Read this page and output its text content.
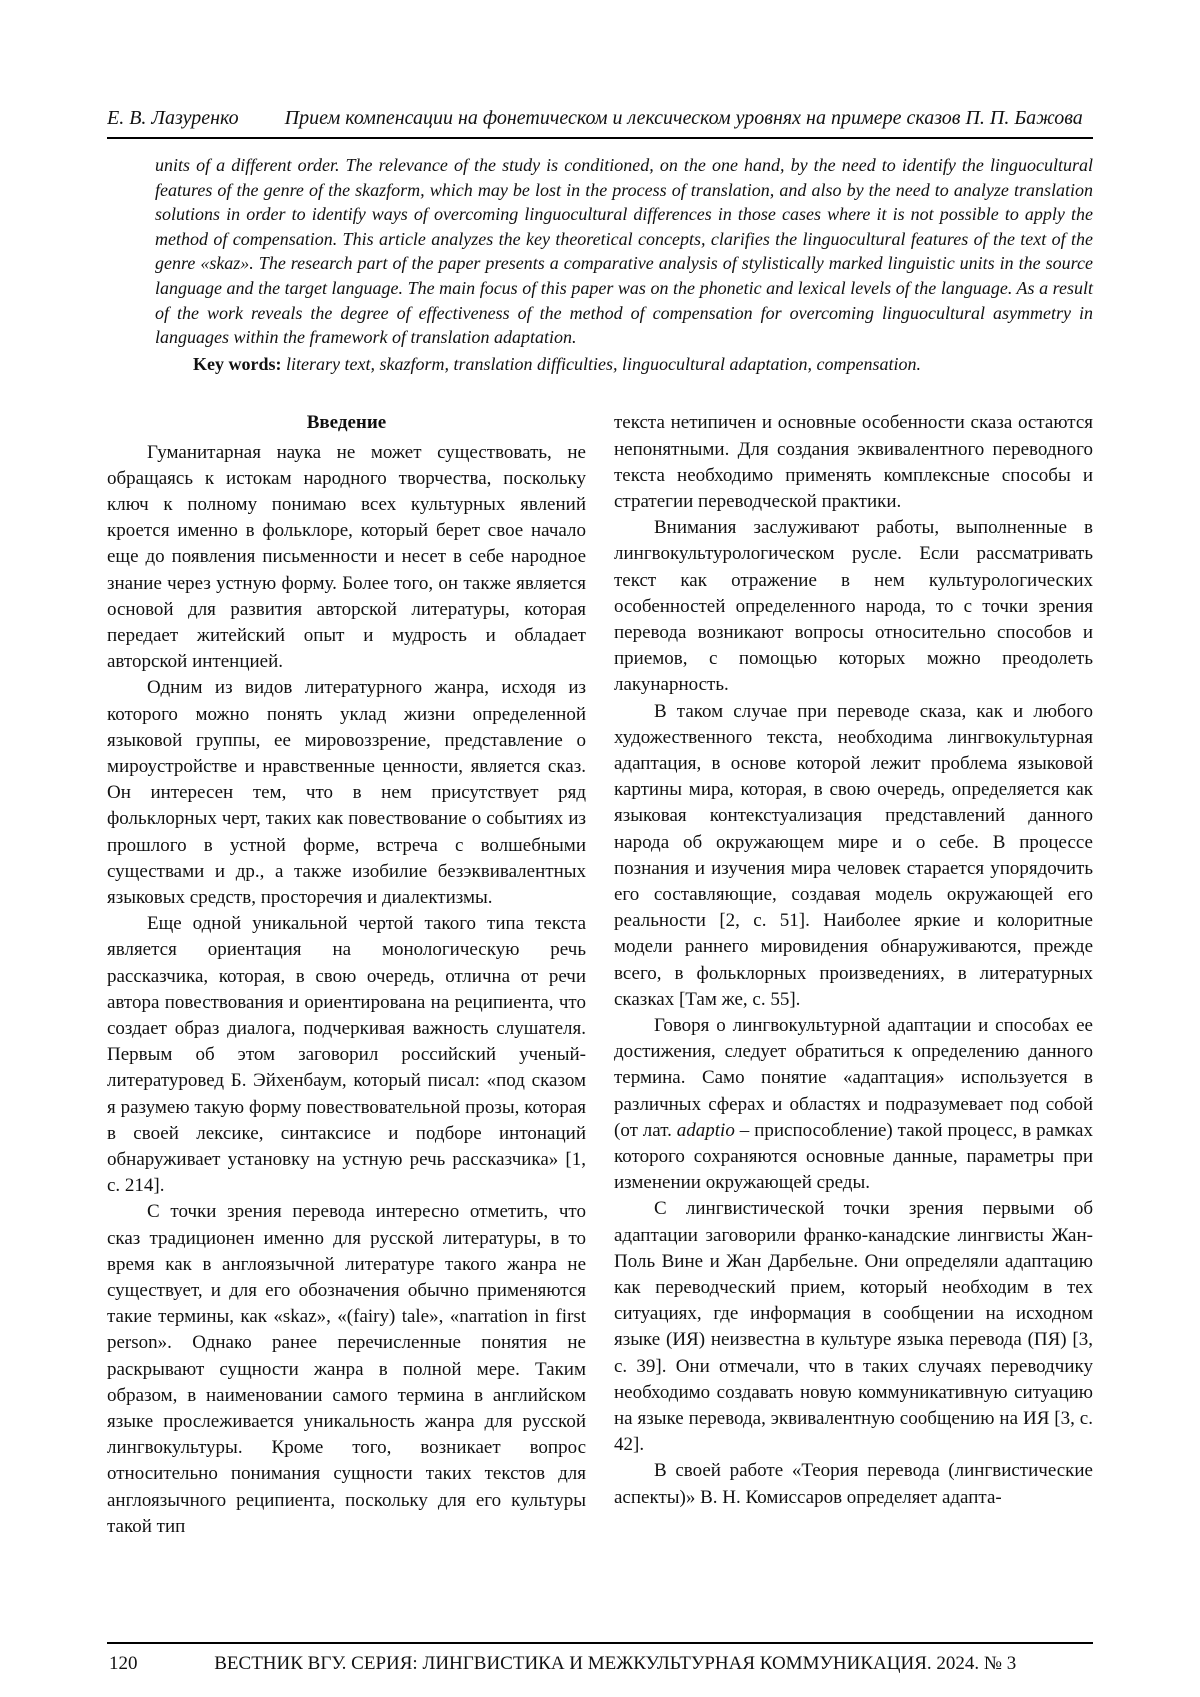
Е. В. Лазуренко Прием компенсации на фонетическом и лексическом уровнях на примере сказов П. П. Бажова

units of a different order. The relevance of the study is conditioned, on the one hand, by the need to identify the linguocultural features of the genre of the skazform, which may be lost in the process of translation, and also by the need to analyze translation solutions in order to identify ways of overcoming linguocultural differences in those cases where it is not possible to apply the method of compensation. This article analyzes the key theoretical concepts, clarifies the linguocultural features of the text of the genre «skaz». The research part of the paper presents a comparative analysis of stylistically marked linguistic units in the source language and the target language. The main focus of this paper was on the phonetic and lexical levels of the language. As a result of the work reveals the degree of effectiveness of the method of compensation for overcoming linguocultural asymmetry in languages within the framework of translation adaptation.

Key words: literary text, skazform, translation difficulties, linguocultural adaptation, compensation.

Введение

Гуманитарная наука не может существовать, не обращаясь к истокам народного творчества, поскольку ключ к полному понимаю всех культурных явлений кроется именно в фольклоре, который берет свое начало еще до появления письменности и несет в себе народное знание через устную форму. Более того, он также является основой для развития авторской литературы, которая передает житейский опыт и мудрость и обладает авторской интенцией.

Одним из видов литературного жанра, исходя из которого можно понять уклад жизни определенной языковой группы, ее мировоззрение, представление о мироустройстве и нравственные ценности, является сказ. Он интересен тем, что в нем присутствует ряд фольклорных черт, таких как повествование о событиях из прошлого в устной форме, встреча с волшебными существами и др., а также изобилие безэквивалентных языковых средств, просторечия и диалектизмы.

Еще одной уникальной чертой такого типа текста является ориентация на монологическую речь рассказчика, которая, в свою очередь, отлична от речи автора повествования и ориентирована на реципиента, что создает образ диалога, подчеркивая важность слушателя. Первым об этом заговорил российский ученый-литературовед Б. Эйхенбаум, который писал: «под сказом я разумею такую форму повествовательной прозы, которая в своей лексике, синтаксисе и подборе интонаций обнаруживает установку на устную речь рассказчика» [1, с. 214].

С точки зрения перевода интересно отметить, что сказ традиционен именно для русской литературы, в то время как в англоязычной литературе такого жанра не существует, и для его обозначения обычно применяются такие термины, как «skaz», «(fairy) tale», «narration in first person». Однако ранее перечисленные понятия не раскрывают сущности жанра в полной мере. Таким образом, в наименовании самого термина в английском языке прослеживается уникальность жанра для русской лингвокультуры. Кроме того, возникает вопрос относительно понимания сущности таких текстов для англоязычного реципиента, поскольку для его культуры такой тип

текста нетипичен и основные особенности сказа остаются непонятными. Для создания эквивалентного переводного текста необходимо применять комплексные способы и стратегии переводческой практики.

Внимания заслуживают работы, выполненные в лингвокультурологическом русле. Если рассматривать текст как отражение в нем культурологических особенностей определенного народа, то с точки зрения перевода возникают вопросы относительно способов и приемов, с помощью которых можно преодолеть лакунарность.

В таком случае при переводе сказа, как и любого художественного текста, необходима лингвокультурная адаптация, в основе которой лежит проблема языковой картины мира, которая, в свою очередь, определяется как языковая контекстуализация представлений данного народа об окружающем мире и о себе. В процессе познания и изучения мира человек старается упорядочить его составляющие, создавая модель окружающей его реальности [2, с. 51]. Наиболее яркие и колоритные модели раннего мировидения обнаруживаются, прежде всего, в фольклорных произведениях, в литературных сказках [Там же, с. 55].

Говоря о лингвокультурной адаптации и способах ее достижения, следует обратиться к определению данного термина. Само понятие «адаптация» используется в различных сферах и областях и подразумевает под собой (от лат. adaptio – приспособление) такой процесс, в рамках которого сохраняются основные данные, параметры при изменении окружающей среды.

С лингвистической точки зрения первыми об адаптации заговорили франко-канадские лингвисты Жан-Поль Вине и Жан Дарбельне. Они определяли адаптацию как переводческий прием, который необходим в тех ситуациях, где информация в сообщении на исходном языке (ИЯ) неизвестна в культуре языка перевода (ПЯ) [3, с. 39]. Они отмечали, что в таких случаях переводчику необходимо создавать новую коммуникативную ситуацию на языке перевода, эквивалентную сообщению на ИЯ [3, с. 42].

В своей работе «Теория перевода (лингвистические аспекты)» В. Н. Комиссаров определяет адапта-

120	ВЕСТНИК ВГУ. СЕРИЯ: ЛИНГВИСТИКА И МЕЖКУЛЬТУРНАЯ КОММУНИКАЦИЯ. 2024. № 3
